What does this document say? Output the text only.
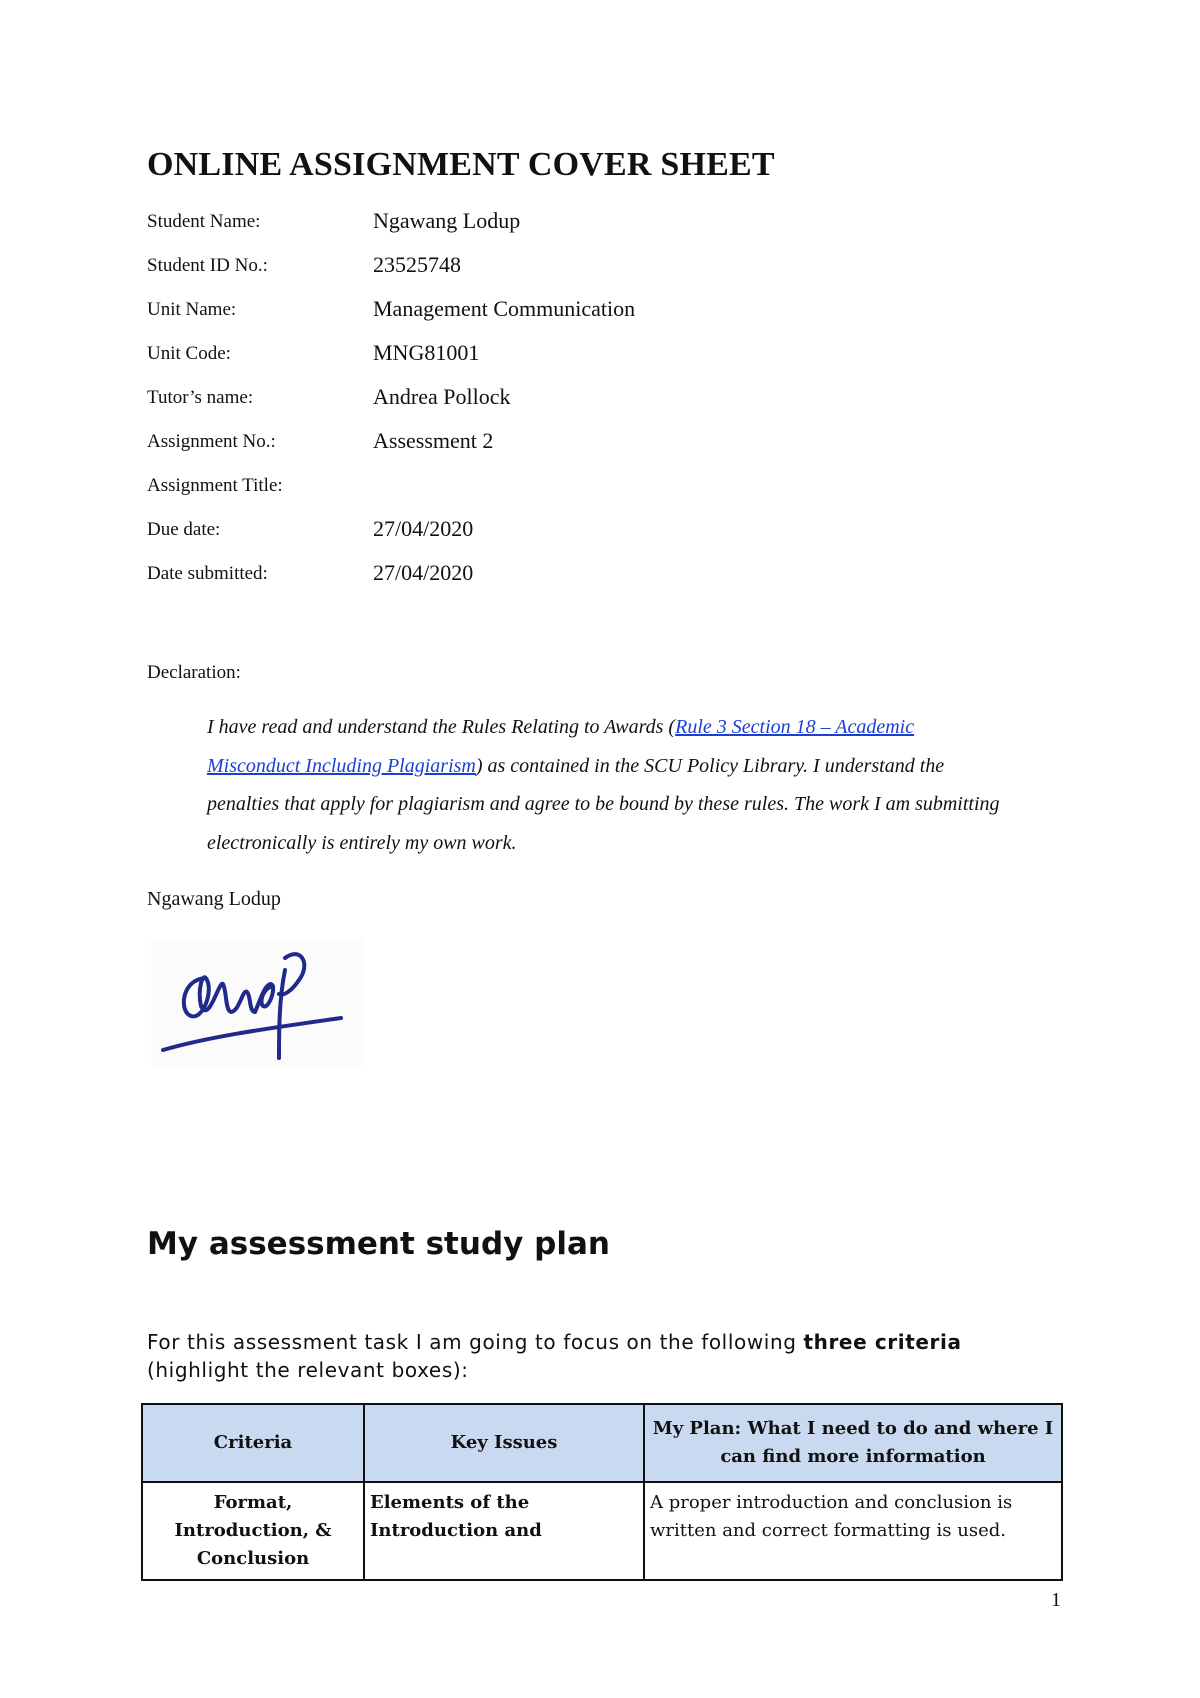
ONLINE ASSIGNMENT COVER SHEET
Student Name:	Ngawang Lodup
Student ID No.:	23525748
Unit Name:	Management Communication
Unit Code:	MNG81001
Tutor’s name:	Andrea Pollock
Assignment No.:	Assessment 2
Assignment Title:
Due date:	27/04/2020
Date submitted:	27/04/2020
Declaration:
I have read and understand the Rules Relating to Awards (Rule 3 Section 18 – Academic Misconduct Including Plagiarism) as contained in the SCU Policy Library. I understand the penalties that apply for plagiarism and agree to be bound by these rules. The work I am submitting electronically is entirely my own work.
Ngawang Lodup
My assessment study plan
For this assessment task I am going to focus on the following three criteria (highlight the relevant boxes):
Criteria	Key Issues	My Plan: What I need to do and where I can find more information
Format, Introduction, & Conclusion	Elements of the Introduction and	A proper introduction and conclusion is written and correct formatting is used.
1
